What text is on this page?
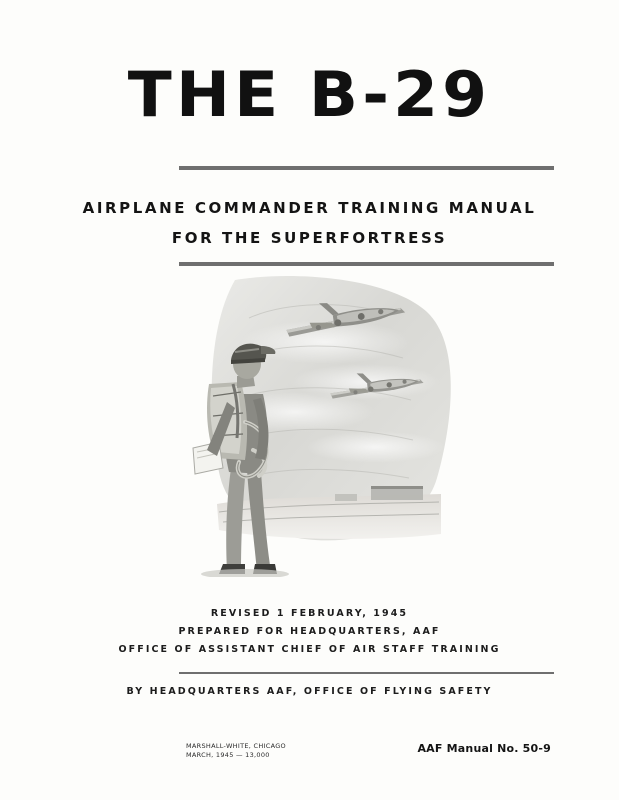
THE B-29
AIRPLANE COMMANDER TRAINING MANUAL
FOR THE SUPERFORTRESS
REVISED 1 FEBRUARY, 1945
PREPARED FOR HEADQUARTERS, AAF
OFFICE OF ASSISTANT CHIEF OF AIR STAFF TRAINING
BY HEADQUARTERS AAF, OFFICE OF FLYING SAFETY
MARSHALL-WHITE, CHICAGO
MARCH, 1945 — 13,000	AAF Manual No. 50-9
